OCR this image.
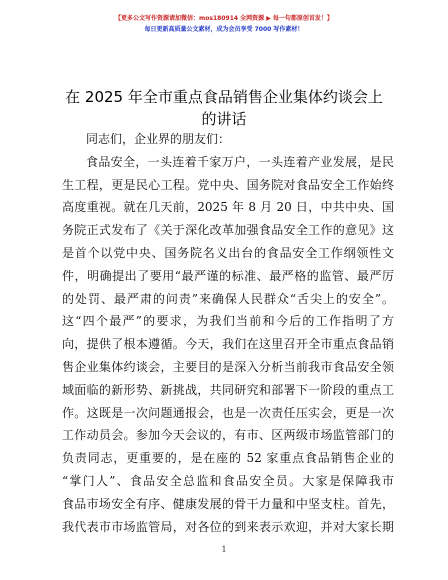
【更多公文写作资源请加微信：mos180914 全网资源 ▶ 每一句都原创首发！】
每日更新高质量公文素材，成为会员享受 7000 写作素材！
在 2025 年全市重点食品销售企业集体约谈会上的讲话
同志们，企业界的朋友们：
食品安全，一头连着千家万户，一头连着产业发展，是民
生工程，更是民心工程。党中央、国务院对食品安全工作始终
高度重视。就在几天前，2025 年 8 月 20 日，中共中央、国
务院正式发布了《关于深化改革加强食品安全工作的意见》这
是首个以党中央、国务院名义出台的食品安全工作纲领性文
件，明确提出了要用“最严谨的标准、最严格的监管、最严厉
的处罚、最严肃的问责”来确保人民群众“舌尖上的安全”。
这“四个最严”的要求，为我们当前和今后的工作指明了方
向，提供了根本遵循。今天，我们在这里召开全市重点食品销
售企业集体约谈会，主要目的是深入分析当前我市食品安全领
域面临的新形势、新挑战，共同研究和部署下一阶段的重点工
作。这既是一次问题通报会，也是一次责任压实会，更是一次
工作动员会。参加今天会议的，有市、区两级市场监管部门的
负责同志，更重要的，是在座的 52 家重点食品销售企业的
“掌门人”、食品安全总监和食品安全员。大家是保障我市
食品市场安全有序、健康发展的骨干力量和中坚支柱。首先，
我代表市市场监管局，对各位的到来表示欢迎，并对大家长期
1
